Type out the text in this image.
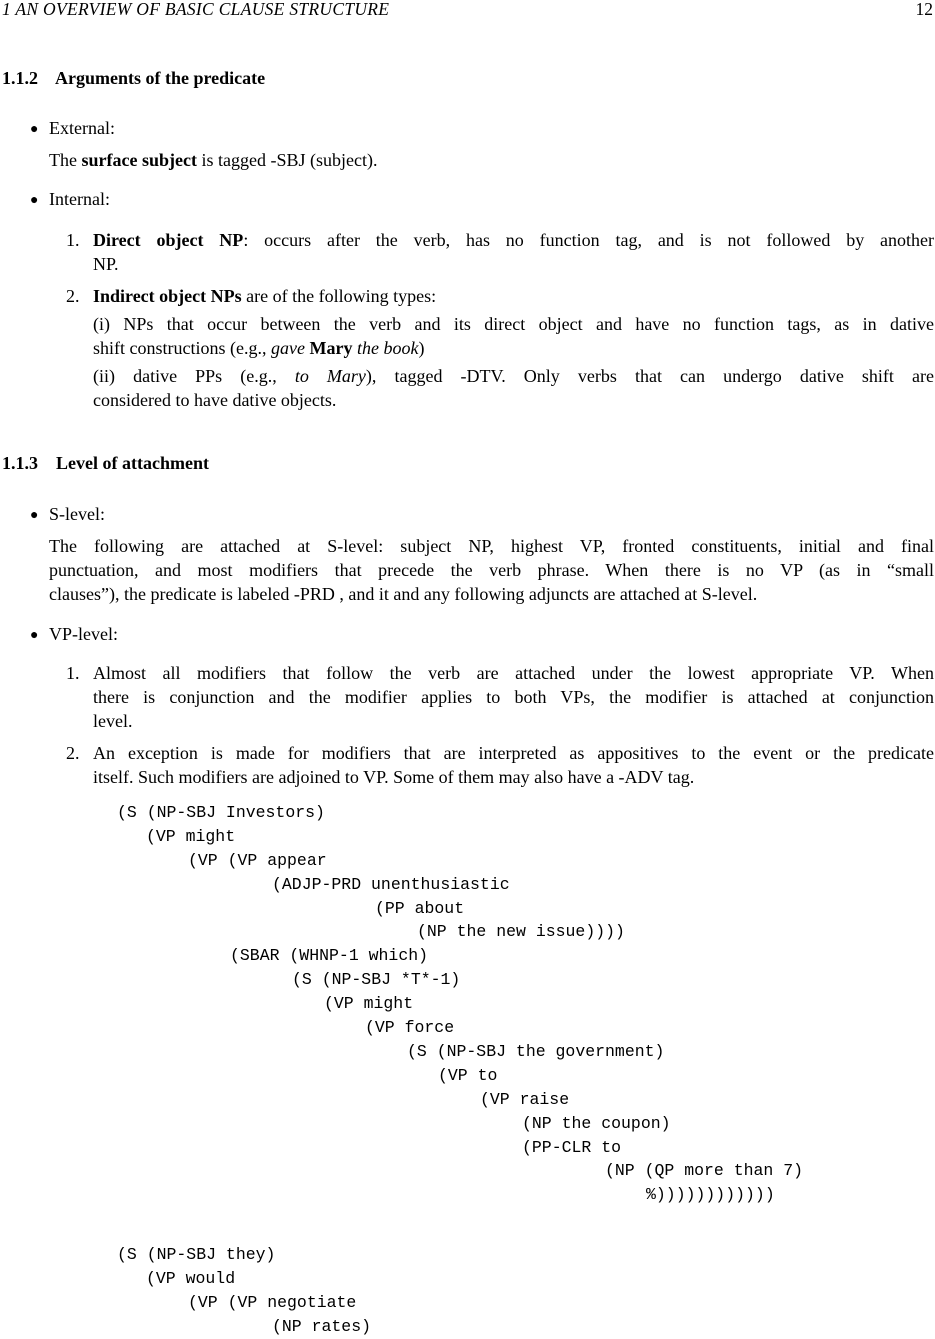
1 AN OVERVIEW OF BASIC CLAUSE STRUCTURE	12
1.1.2    Arguments of the predicate
● External:
The surface subject is tagged -SBJ (subject).
● Internal:
1. Direct object NP: occurs after the verb, has no function tag, and is not followed by another
NP.
2. Indirect object NPs are of the following types:
(i) NPs that occur between the verb and its direct object and have no function tags, as in dative
shift constructions (e.g., gave Mary the book)
(ii) dative PPs (e.g., to Mary), tagged -DTV. Only verbs that can undergo dative shift are
considered to have dative objects.
1.1.3    Level of attachment
● S-level:
The following are attached at S-level: subject NP, highest VP, fronted constituents, initial and final
punctuation, and most modifiers that precede the verb phrase. When there is no VP (as in “small
clauses”), the predicate is labeled -PRD , and it and any following adjuncts are attached at S-level.
● VP-level:
1. Almost all modifiers that follow the verb are attached under the lowest appropriate VP. When
there is conjunction and the modifier applies to both VPs, the modifier is attached at conjunction
level.
2. An exception is made for modifiers that are interpreted as appositives to the event or the predicate
itself. Such modifiers are adjoined to VP. Some of them may also have a -ADV tag.
(S (NP-SBJ Investors)
(VP might
(VP (VP appear
(ADJP-PRD unenthusiastic
(PP about
(NP the new issue))))
(SBAR (WHNP-1 which)
(S (NP-SBJ *T*-1)
(VP might
(VP force
(S (NP-SBJ the government)
(VP to
(VP raise
(NP the coupon)
(PP-CLR to
(NP (QP more than 7)
%))))))))))))
(S (NP-SBJ they)
(VP would
(VP (VP negotiate
(NP rates)
